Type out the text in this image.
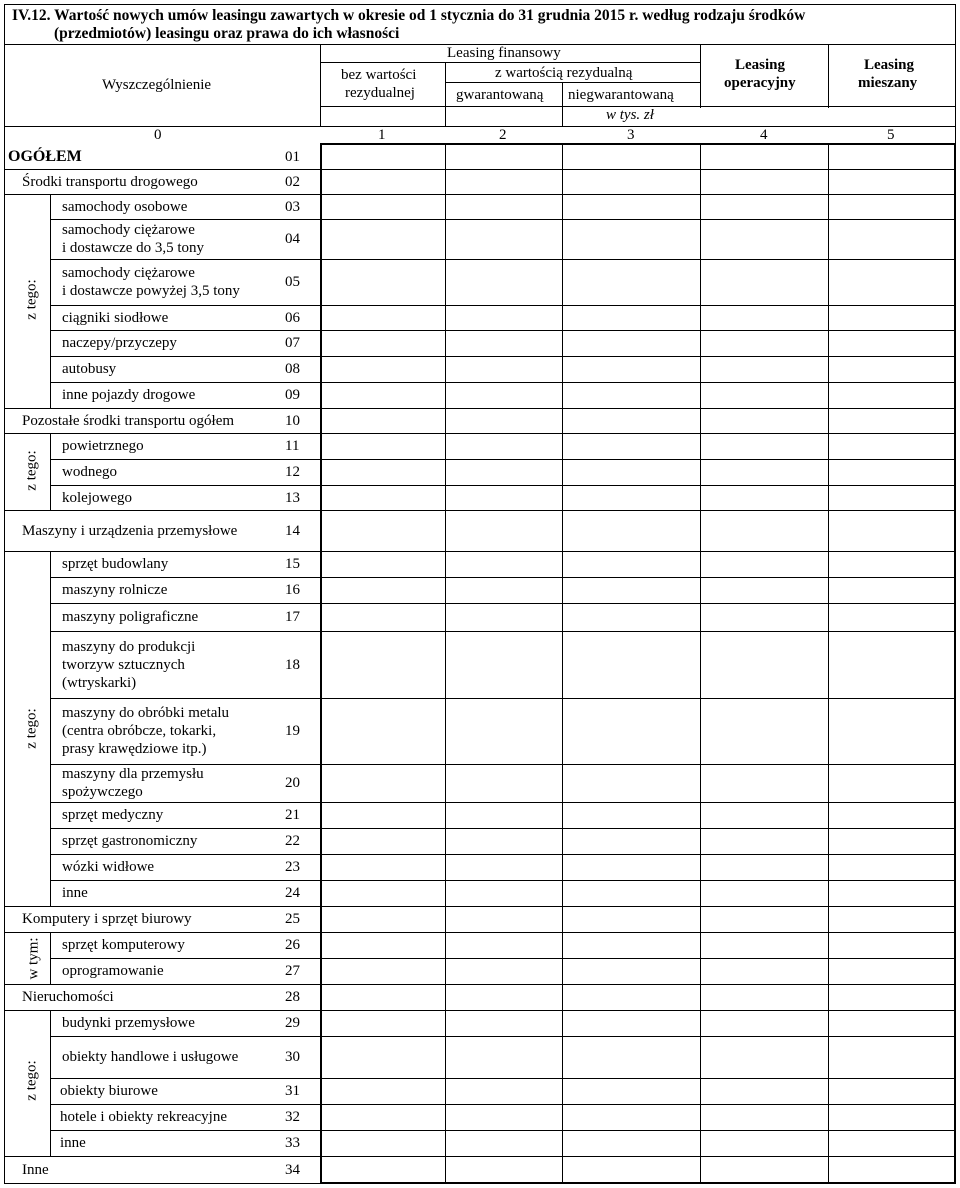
IV.12. Wartość nowych umów leasingu zawartych w okresie od 1 stycznia do 31 grudnia 2015 r. według rodzaju środków
(przedmiotów) leasingu oraz prawa do ich własności
Wyszczególnienie
Leasing finansowy
bez wartości
rezydualnej
z wartością rezydualną
gwarantowaną niegwarantowaną
Leasing
operacyjny
Leasing
mieszany
w tys. zł
0	1	2	3	4	5
z tego:
z tego:
z tego:
w tym:
z tego:
OGÓŁEM	01
Środki transportu drogowego	02
samochody osobowe	03
samochody ciężarowe
i dostawcze do 3,5 tony
04
samochody ciężarowe
i dostawcze powyżej 3,5 tony
05
ciągniki siodłowe	06
naczepy/przyczepy	07
autobusy	08
inne pojazdy drogowe	09
Pozostałe środki transportu ogółem	10
powietrznego	11
wodnego	12
kolejowego	13
Maszyny i urządzenia przemysłowe	14
sprzęt budowlany	15
maszyny rolnicze	16
maszyny poligraficzne	17
maszyny do produkcji
tworzyw sztucznych
(wtryskarki)
18
maszyny do obróbki metalu
(centra obróbcze, tokarki,
prasy krawędziowe itp.)
19
maszyny dla przemysłu
spożywczego
20
sprzęt medyczny	21
sprzęt gastronomiczny	22
wózki widłowe	23
inne	24
Komputery i sprzęt biurowy	25
sprzęt komputerowy	26
oprogramowanie	27
Nieruchomości	28
budynki przemysłowe	29
obiekty handlowe i usługowe	30
obiekty biurowe	31
hotele i obiekty rekreacyjne	32
inne	33
Inne	34
